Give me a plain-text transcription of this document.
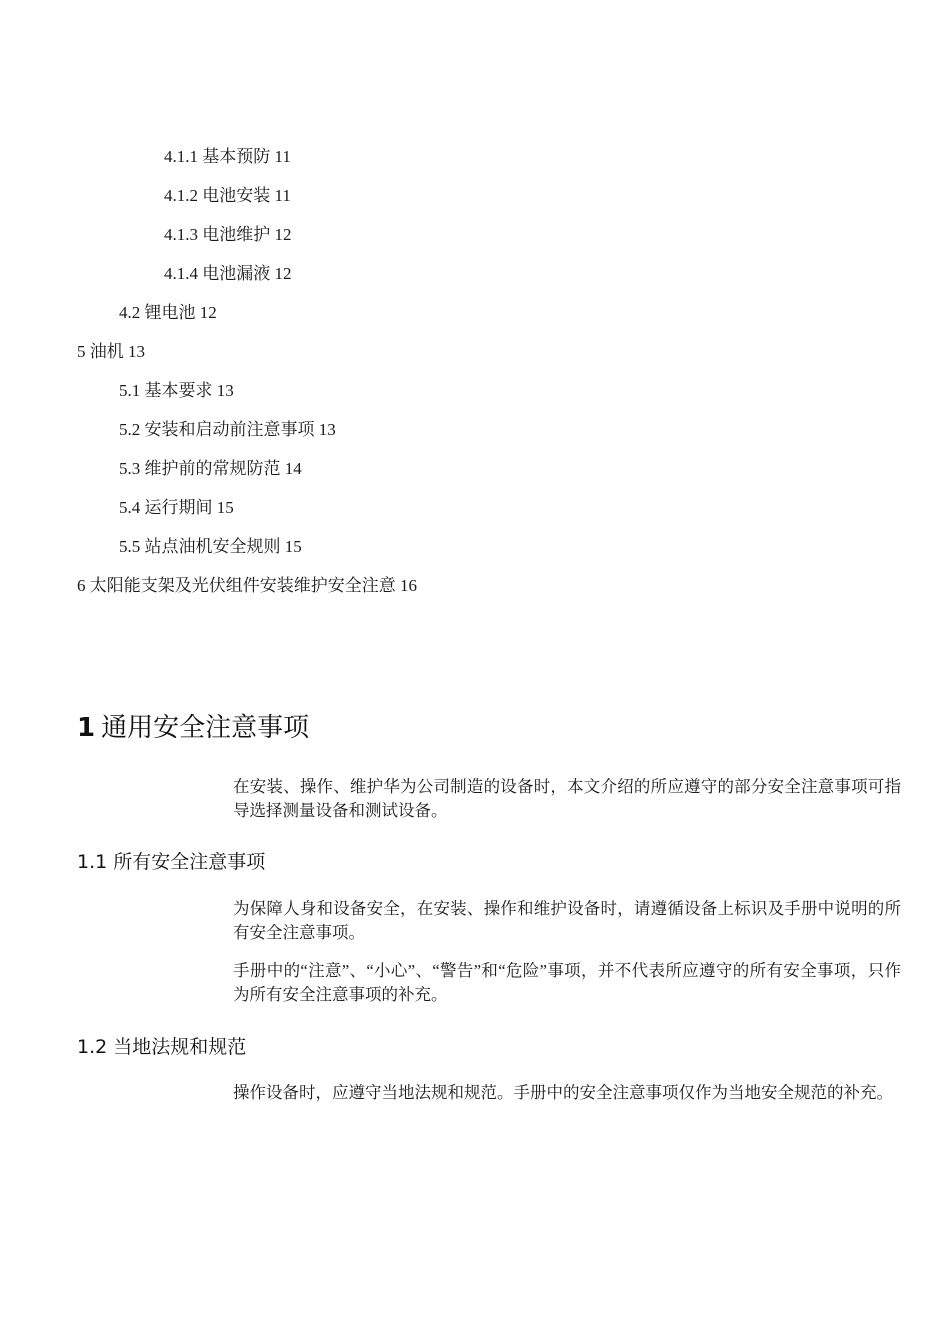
4.1.1 基本预防 11
4.1.2 电池安装 11
4.1.3 电池维护 12
4.1.4 电池漏液 12
4.2 锂电池 12
5 油机 13
5.1 基本要求 13
5.2 安装和启动前注意事项 13
5.3 维护前的常规防范 14
5.4 运行期间 15
5.5 站点油机安全规则 15
6 太阳能支架及光伏组件安装维护安全注意 16
1 通用安全注意事项
在安装、操作、维护华为公司制造的设备时，本文介绍的所应遵守的部分安全注意事项可指导选择测量设备和测试设备。
1.1 所有安全注意事项
为保障人身和设备安全，在安装、操作和维护设备时，请遵循设备上标识及手册中说明的所有安全注意事项。
手册中的“注意”、“小心”、“警告”和“危险”事项，并不代表所应遵守的所有安全事项，只作为所有安全注意事项的补充。
1.2 当地法规和规范
操作设备时，应遵守当地法规和规范。手册中的安全注意事项仅作为当地安全规范的补充。
